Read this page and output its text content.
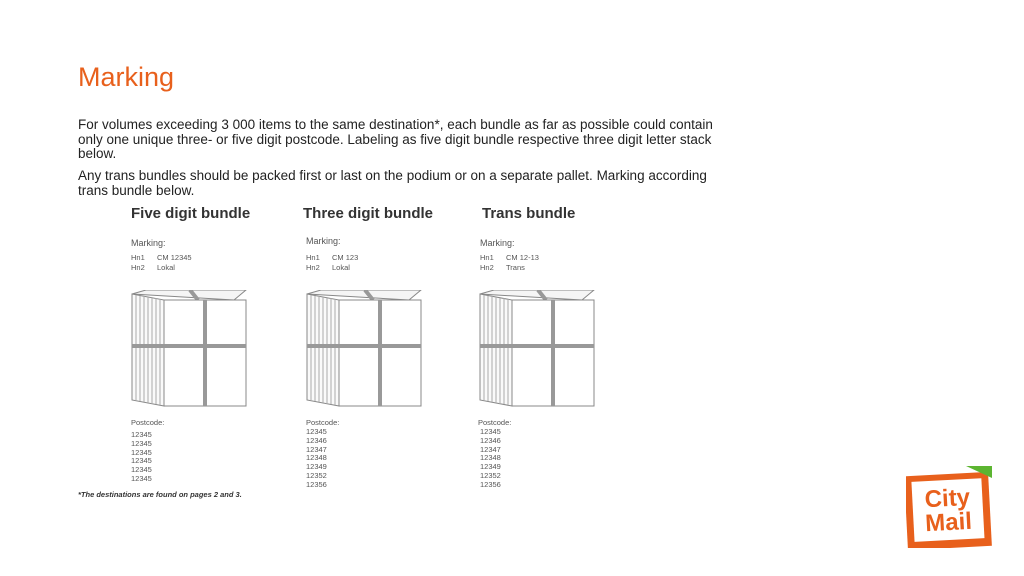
Marking
For volumes exceeding 3 000 items to the same destination*, each bundle as far as possible could contain only one unique three- or five digit postcode. Labeling as five digit bundle respective three digit letter stack below.
Any trans bundles should be packed first or last on the podium or on a separate pallet. Marking according trans bundle below.
Five digit bundle	Three digit bundle	Trans bundle
Marking:
Hn1 CM 12345
Hn2 Lokal
Postcode:
12345
12345
12345
12345
12345
12345
Marking:
Hn1 CM 123
Hn2 Lokal
Postcode:
12345
12346
12347
12348
12349
12352
12356
Marking:
Hn1 CM 12-13
Hn2 Trans
Postcode:
12345
12346
12347
12348
12349
12352
12356
*The destinations are found on pages 2 and 3.	City
Mail
